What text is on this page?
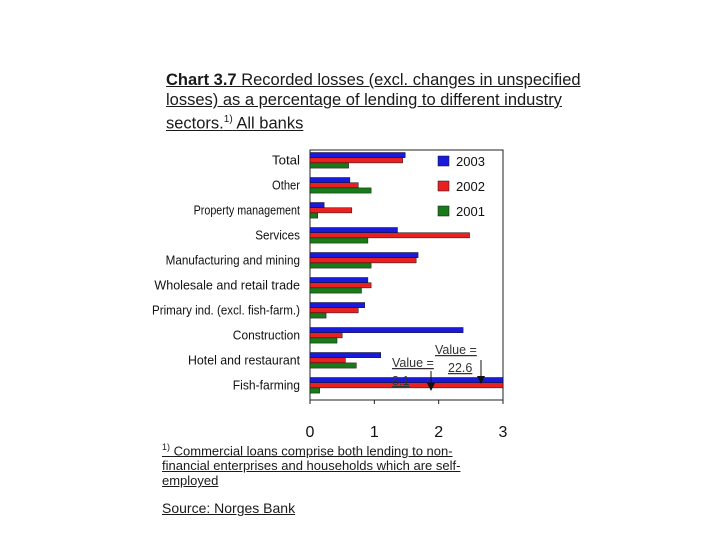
Chart 3.7 Recorded losses (excl. changes in unspecified losses) as a percentage of lending to different industry sectors.$^{1)}$ All banks
Total
Other
Property management
Services
Manufacturing and mining
Wholesale and retail trade
Primary ind. (excl. fish-farm.)
Construction
Hotel and restaurant
Fish-farming
0	1	2	3
2003
2002
2001
Value =
8.1
Value =
22.6
$^{1)}$ Commercial loans comprise both lending to non-financial enterprises and households which are self-employed
Source: Norges Bank
